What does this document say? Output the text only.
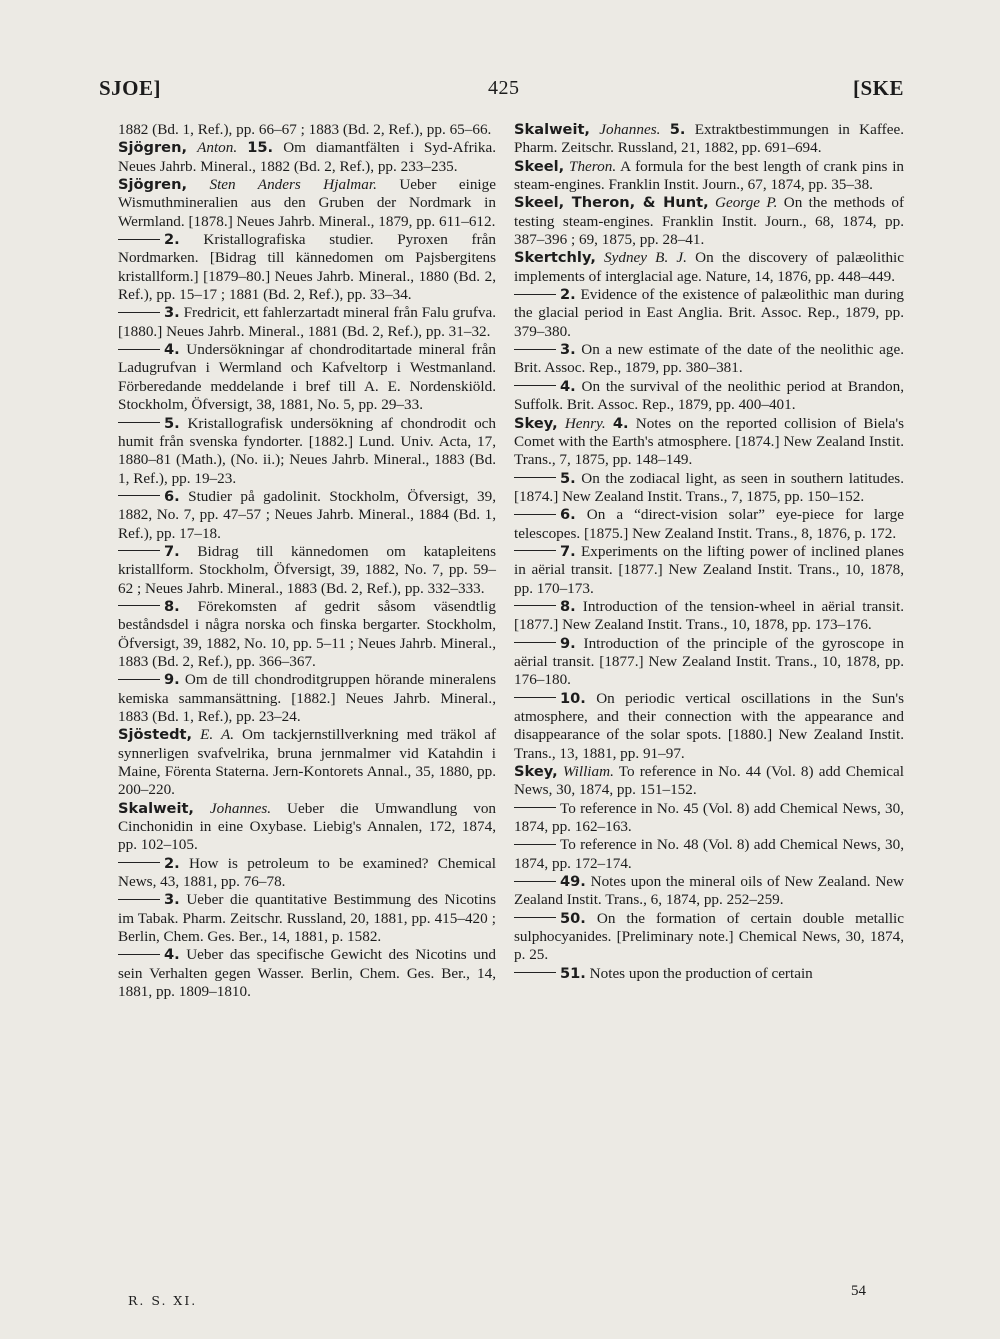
SJOE]	425	[SKE

1882 (Bd. 1, Ref.), pp. 66–67 ; 1883 (Bd. 2, Ref.), pp. 65–66.

Sjögren, Anton. 15. Om diamantfälten i Syd-Afrika. Neues Jahrb. Mineral., 1882 (Bd. 2, Ref.), pp. 233–235.

Sjögren, Sten Anders Hjalmar. Ueber einige Wismuthmineralien aus den Gruben der Nordmark in Wermland. [1878.] Neues Jahrb. Mineral., 1879, pp. 611–612.

2. Kristallografiska studier. Pyroxen från Nordmarken. [Bidrag till kännedomen om Pajsbergitens kristallform.] [1879–80.] Neues Jahrb. Mineral., 1880 (Bd. 2, Ref.), pp. 15–17 ; 1881 (Bd. 2, Ref.), pp. 33–34.

3. Fredricit, ett fahlerzartadt mineral från Falu grufva. [1880.] Neues Jahrb. Mineral., 1881 (Bd. 2, Ref.), pp. 31–32.

4. Undersökningar af chondroditartade mineral från Ladugrufvan i Wermland och Kafveltorp i Westmanland. Förberedande meddelande i bref till A. E. Nordenskiöld. Stockholm, Öfversigt, 38, 1881, No. 5, pp. 29–33.

5. Kristallografisk undersökning af chondrodit och humit från svenska fyndorter. [1882.] Lund. Univ. Acta, 17, 1880–81 (Math.), (No. ii.); Neues Jahrb. Mineral., 1883 (Bd. 1, Ref.), pp. 19–23.

6. Studier på gadolinit. Stockholm, Öfversigt, 39, 1882, No. 7, pp. 47–57 ; Neues Jahrb. Mineral., 1884 (Bd. 1, Ref.), pp. 17–18.

7. Bidrag till kännedomen om katapleitens kristallform. Stockholm, Öfversigt, 39, 1882, No. 7, pp. 59–62 ; Neues Jahrb. Mineral., 1883 (Bd. 2, Ref.), pp. 332–333.

8. Förekomsten af gedrit såsom väsendtlig beståndsdel i några norska och finska bergarter. Stockholm, Öfversigt, 39, 1882, No. 10, pp. 5–11 ; Neues Jahrb. Mineral., 1883 (Bd. 2, Ref.), pp. 366–367.

9. Om de till chondroditgruppen hörande mineralens kemiska sammansättning. [1882.] Neues Jahrb. Mineral., 1883 (Bd. 1, Ref.), pp. 23–24.

Sjöstedt, E. A. Om tackjernstillverkning med träkol af synnerligen svafvelrika, bruna jernmalmer vid Katahdin i Maine, Förenta Staterna. Jern-Kontorets Annal., 35, 1880, pp. 200–220.

Skalweit, Johannes. Ueber die Umwandlung von Cinchonidin in eine Oxybase. Liebig's Annalen, 172, 1874, pp. 102–105.

2. How is petroleum to be examined? Chemical News, 43, 1881, pp. 76–78.

3. Ueber die quantitative Bestimmung des Nicotins im Tabak. Pharm. Zeitschr. Russland, 20, 1881, pp. 415–420 ; Berlin, Chem. Ges. Ber., 14, 1881, p. 1582.

4. Ueber das specifische Gewicht des Nicotins und sein Verhalten gegen Wasser. Berlin, Chem. Ges. Ber., 14, 1881, pp. 1809–1810.

Skalweit, Johannes. 5. Extraktbestimmungen in Kaffee. Pharm. Zeitschr. Russland, 21, 1882, pp. 691–694.

Skeel, Theron. A formula for the best length of crank pins in steam-engines. Franklin Instit. Journ., 67, 1874, pp. 35–38.

Skeel, Theron, & Hunt, George P. On the methods of testing steam-engines. Franklin Instit. Journ., 68, 1874, pp. 387–396 ; 69, 1875, pp. 28–41.

Skertchly, Sydney B. J. On the discovery of palæolithic implements of interglacial age. Nature, 14, 1876, pp. 448–449.

2. Evidence of the existence of palæolithic man during the glacial period in East Anglia. Brit. Assoc. Rep., 1879, pp. 379–380.

3. On a new estimate of the date of the neolithic age. Brit. Assoc. Rep., 1879, pp. 380–381.

4. On the survival of the neolithic period at Brandon, Suffolk. Brit. Assoc. Rep., 1879, pp. 400–401.

Skey, Henry. 4. Notes on the reported collision of Biela's Comet with the Earth's atmosphere. [1874.] New Zealand Instit. Trans., 7, 1875, pp. 148–149.

5. On the zodiacal light, as seen in southern latitudes. [1874.] New Zealand Instit. Trans., 7, 1875, pp. 150–152.

6. On a “direct-vision solar” eye-piece for large telescopes. [1875.] New Zealand Instit. Trans., 8, 1876, p. 172.

7. Experiments on the lifting power of inclined planes in aërial transit. [1877.] New Zealand Instit. Trans., 10, 1878, pp. 170–173.

8. Introduction of the tension-wheel in aërial transit. [1877.] New Zealand Instit. Trans., 10, 1878, pp. 173–176.

9. Introduction of the principle of the gyroscope in aërial transit. [1877.] New Zealand Instit. Trans., 10, 1878, pp. 176–180.

10. On periodic vertical oscillations in the Sun's atmosphere, and their connection with the appearance and disappearance of the solar spots. [1880.] New Zealand Instit. Trans., 13, 1881, pp. 91–97.

Skey, William. To reference in No. 44 (Vol. 8) add Chemical News, 30, 1874, pp. 151–152.

To reference in No. 45 (Vol. 8) add Chemical News, 30, 1874, pp. 162–163.

To reference in No. 48 (Vol. 8) add Chemical News, 30, 1874, pp. 172–174.

49. Notes upon the mineral oils of New Zealand. New Zealand Instit. Trans., 6, 1874, pp. 252–259.

50. On the formation of certain double metallic sulphocyanides. [Preliminary note.] Chemical News, 30, 1874, p. 25.

51. Notes upon the production of certain

R. S. XI.
54
